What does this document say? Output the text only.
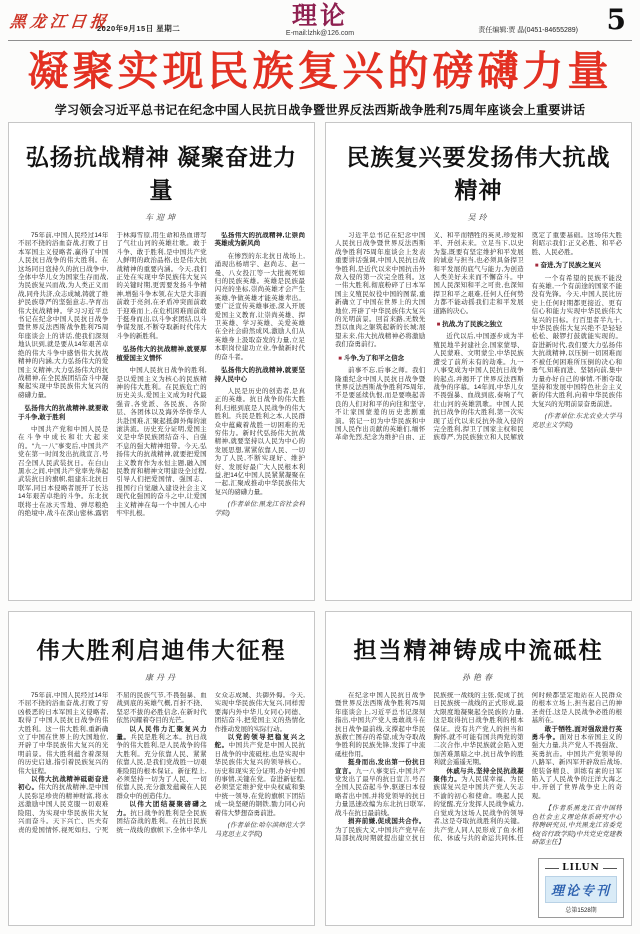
黑龙江日报
2020年9月15日 星期二	理论
E-mail:lzhk@126.com	责任编辑:贾 晶(0451-84655289) 5
凝聚实现民族复兴的磅礴力量
学习领会习近平总书记在纪念中国人民抗日战争暨世界反法西斯战争胜利75周年座谈会上重要讲话
弘扬抗战精神 凝聚奋进力量
车迎坤

75年前,中国人民经过14年不屈不挠的浴血奋战,打败了日本军国主义侵略者,赢得了中国人民抗日战争的伟大胜利。在这场同日寇持久的抗日战争中,全体中华儿女为国家生存而战,为民族复兴而战,为人类正义而战,同舟共济,众志成城,铸就了维护民族尊严的坚强意志,孕育出伟大抗战精神。学习习近平总书记在纪念中国人民抗日战争暨世界反法西斯战争胜利75周年座谈会上的讲话,使我们深刻地认识到,就是要从14年艰苦卓绝的伟大斗争中感悟伟大抗战精神的内涵,大力弘扬伟大的爱国主义精神,大力弘扬伟大的抗战精神,在全民族团结奋斗中凝聚起实现中华民族伟大复兴的磅礴力量。

弘扬伟大的抗战精神,就要敢于斗争,敢于胜利

中国共产党和中国人民是在斗争中成长和壮大起来的。“九一八”事变后,中国共产党在第一时间发出抗战宣言,号召全国人民武装抗日。在白山黑水之间,中国共产党率先举起武装抗日的旗帜,组建东北抗日联军,同日本侵略者展开了长达14年艰苦卓绝的斗争。东北抗联将士在冰天雪地、弹尽粮绝的绝境中,战斗在深山密林,露宿于林海雪原,用生命和热血谱写了气壮山河的英雄壮歌。敢于斗争、敢于胜利,是中国共产党人鲜明的政治品格,也是伟大抗战精神的重要内涵。今天,我们正处在实现中华民族伟大复兴的关键时期,更需要发扬斗争精神,增强斗争本领,在大是大非面前敢于亮剑,在矛盾冲突面前敢于迎难而上,在危机困难面前敢于挺身而出,以斗争求团结,以斗争谋发展,不断夺取新时代伟大斗争的新胜利。

弘扬伟大的抗战精神,就要厚植爱国主义情怀

中国人民抗日战争的胜利,是以爱国主义为核心的民族精神的伟大胜利。在民族危亡的历史关头,爱国主义成为时代最强音,各党派、各民族、各阶层、各团体以及海外华侨华人共赴国难,汇聚起抵御外侮的滚滚洪流。历史充分证明,爱国主义是中华民族团结奋斗、自强不息的强大精神纽带。今天,弘扬伟大的抗战精神,就要把爱国主义教育作为永恒主题,融入国民教育和精神文明建设全过程,引导人们把爱国情、强国志、报国行自觉融入建设社会主义现代化强国的奋斗之中,让爱国主义精神在每一个中国人心中牢牢扎根。

弘扬伟大的抗战精神,让崇尚英雄成为新风尚

在惨烈的东北抗日战场上,涌现出杨靖宇、赵尚志、赵一曼、八女投江等一大批视死如归的民族英雄。英雄是民族最闪亮的坐标,崇尚英雄才会产生英雄,争做英雄才能英雄辈出。要广泛宣传英雄事迹,深入开展爱国主义教育,让崇尚英雄、捍卫英雄、学习英雄、关爱英雄在全社会蔚然成风,激励人们从英雄身上汲取奋发的力量,立足本职岗位建功立业,争做新时代的奋斗者。

弘扬伟大的抗战精神,就要坚持人民中心

人民是历史的创造者,是真正的英雄。抗日战争的伟大胜利,归根到底是人民战争的伟大胜利。兵民是胜利之本,人民群众中蕴藏着战胜一切困难的无穷伟力。新时代弘扬伟大抗战精神,就要坚持以人民为中心的发展思想,紧紧依靠人民、一切为了人民,不断实现好、维护好、发展好最广大人民根本利益,把14亿中国人民紧紧凝聚在一起,汇聚成推动中华民族伟大复兴的磅礴力量。

(作者单位:黑龙江省社会科学院)

民族复兴要发扬伟大抗战精神
吴玲

习近平总书记在纪念中国人民抗日战争暨世界反法西斯战争胜利75周年座谈会上发表重要讲话强调,中国人民抗日战争胜利,是近代以来中国抗击外敌入侵的第一次完全胜利。这一伟大胜利,彻底粉碎了日本军国主义殖民奴役中国的图谋,重新确立了中国在世界上的大国地位,开辟了中华民族伟大复兴的光明前景。回首来路,无数先烈以血肉之躯筑起新的长城;展望未来,伟大抗战精神必将激励我们奋勇前行。

■ 斗争,为了和平之信念

前事不忘,后事之师。我们隆重纪念中国人民抗日战争暨世界反法西斯战争胜利75周年,不是要延续仇恨,而是要唤起善良的人们对和平的向往和坚守,不让家国蒙羞的历史悲剧重演。铭记一切为中华民族和中国人民作出贡献的英雄们,缅怀革命先烈,纪念为维护自由、正义、和平而牺牲的英灵,珍爱和平、开创未来。立足当下,以史为鉴,既要有坚定维护和平发展的诚意与担当,也必须具备捍卫和平发展的底气与能力,为创造人类美好未来而不懈奋斗。中国人民深知和平之可贵,也深知捍卫和平之艰难,任何人任何势力都不能动摇我们走和平发展道路的决心。

■ 抗战,为了民族之独立

近代以后,中国逐步成为半殖民地半封建社会,国家蒙辱、人民蒙难、文明蒙尘,中华民族遭受了前所未有的劫难。九一八事变成为中国人民抗日战争的起点,并揭开了世界反法西斯战争的序幕。14年间,中华儿女不畏强暴、血战到底,奏响了气壮山河的英雄凯歌。中国人民抗日战争的伟大胜利,第一次实现了近代以来反抗外敌入侵的完全胜利,捍卫了国家主权和民族尊严,为民族独立和人民解放奠定了重要基础。这场伟大胜利昭示我们:正义必胜、和平必胜、人民必胜。

■ 奋进,为了民族之复兴

一个有希望的民族不能没有英雄,一个有前途的国家不能没有先锋。今天,中国人民比历史上任何时期都更接近、更有信心和能力实现中华民族伟大复兴的目标。行百里者半九十,中华民族伟大复兴绝不是轻轻松松、敲锣打鼓就能实现的。奋进新时代,我们要大力弘扬伟大抗战精神,以压倒一切困难而不被任何困难所压倒的决心和勇气,知难而进、坚韧向前,集中力量办好自己的事情,不断夺取坚持和发展中国特色社会主义新的伟大胜利,向着中华民族伟大复兴的光明前景奋勇前进。

(作者单位:东北农业大学马克思主义学院)

伟大胜利启迪伟大征程
康丹丹

75年前,中国人民经过14年不屈不挠的浴血奋战,打败了穷凶极恶的日本军国主义侵略者,取得了中国人民抗日战争的伟大胜利。这一伟大胜利,重新确立了中国在世界上的大国地位,开辟了中华民族伟大复兴的光明前景。伟大胜利蕴含着深刻的历史启迪,指引着民族复兴的伟大征程。

以伟大抗战精神砥砺奋进初心。伟大的抗战精神,是中国人民弥足珍贵的精神财富,将永远激励中国人民克服一切艰难险阻、为实现中华民族伟大复兴而奋斗。天下兴亡、匹夫有责的爱国情怀,视死如归、宁死不屈的民族气节,不畏强暴、血战到底的英雄气概,百折不挠、坚忍不拔的必胜信念,在新时代依然闪耀着夺目的光芒。

以人民伟力汇聚复兴力量。兵民是胜利之本。抗日战争的伟大胜利,是人民战争的伟大胜利。充分依靠人民、紧紧依靠人民,是我们党战胜一切艰难险阻的根本保证。新征程上,必须坚持一切为了人民、一切依靠人民,充分激发蕴藏在人民群众中的创造伟力。

以伟大团结凝聚磅礴之力。抗日战争的胜利是全民族团结奋战的胜利。在抗日民族统一战线的旗帜下,全体中华儿女众志成城、共御外侮。今天,实现中华民族伟大复兴,同样需要海内外中华儿女同心同德、团结奋斗,把爱国主义的热情化作推动发展的实际行动。

以党的领导把稳复兴之舵。中国共产党是中国人民抗日战争的中流砥柱,也是实现中华民族伟大复兴的领导核心。历史和现实充分证明,办好中国的事情,关键在党。奋进新征程,必须坚定维护党中央权威和集中统一领导,在党的旗帜下团结成一块坚硬的钢铁,勠力同心向着伟大梦想奋勇前进。

(作者单位:哈尔滨师范大学马克思主义学院)

担当精神铸成中流砥柱
孙艳春

在纪念中国人民抗日战争暨世界反法西斯战争胜利75周年座谈会上,习近平总书记深刻指出,中国共产党人勇敢战斗在抗日战争最前线,支撑起中华民族救亡图存的希望,成为夺取战争胜利的民族先锋,发挥了中流砥柱作用。

挺身而出,发出第一份抗日宣言。九一八事变后,中国共产党发出了最早的抗日宣言,号召全国人民奋起斗争,驱逐日本侵略者出中国,并将党领导的抗日力量迅速改编为东北抗日联军,战斗在抗日最前线。

捐弃前嫌,促成国共合作。为了民族大义,中国共产党早在局部抗战时期就提出建立抗日民族统一战线的主张,促成了抗日民族统一战线的正式形成,最大限度地凝聚起全民族的力量,这是取得抗日战争胜利的根本保证。没有共产党人的担当和胸怀,就不可能有国共两党的第二次合作,中华民族就会陷入更加苦难黑暗之中,抗日战争的胜利就会遥遥无期。

休戚与共,坚持全民抗战凝聚伟力。为人民谋幸福、为民族谋复兴是中国共产党人矢志不渝的初心和使命。唤起人民的觉醒,充分发挥人民战争威力,自觉成为这场人民战争的领导者,这是夺取抗战胜利的关键。共产党人同人民形成了鱼水相依、休戚与共的命运共同体,任何时候都坚定地站在人民群众的根本立场上,担当起自己的神圣责任,这是人民战争必胜的根基所在。

敢于牺牲,面对强敌进行英勇斗争。面对日本帝国主义的强大力量,共产党人不畏强敌、英勇抗击。中国共产党领导的八路军、新四军开辟敌后战场,使装备精良、训练有素的日军陷入了人民战争的汪洋大海之中,开创了世界战争史上的奇观。

【作者系黑龙江省中国特色社会主义理论体系研究中心特聘研究员,中共黑龙江省委党校(省行政学院)中共党史党建教研部主任】

LILUN
理论专刊
总第1528期
